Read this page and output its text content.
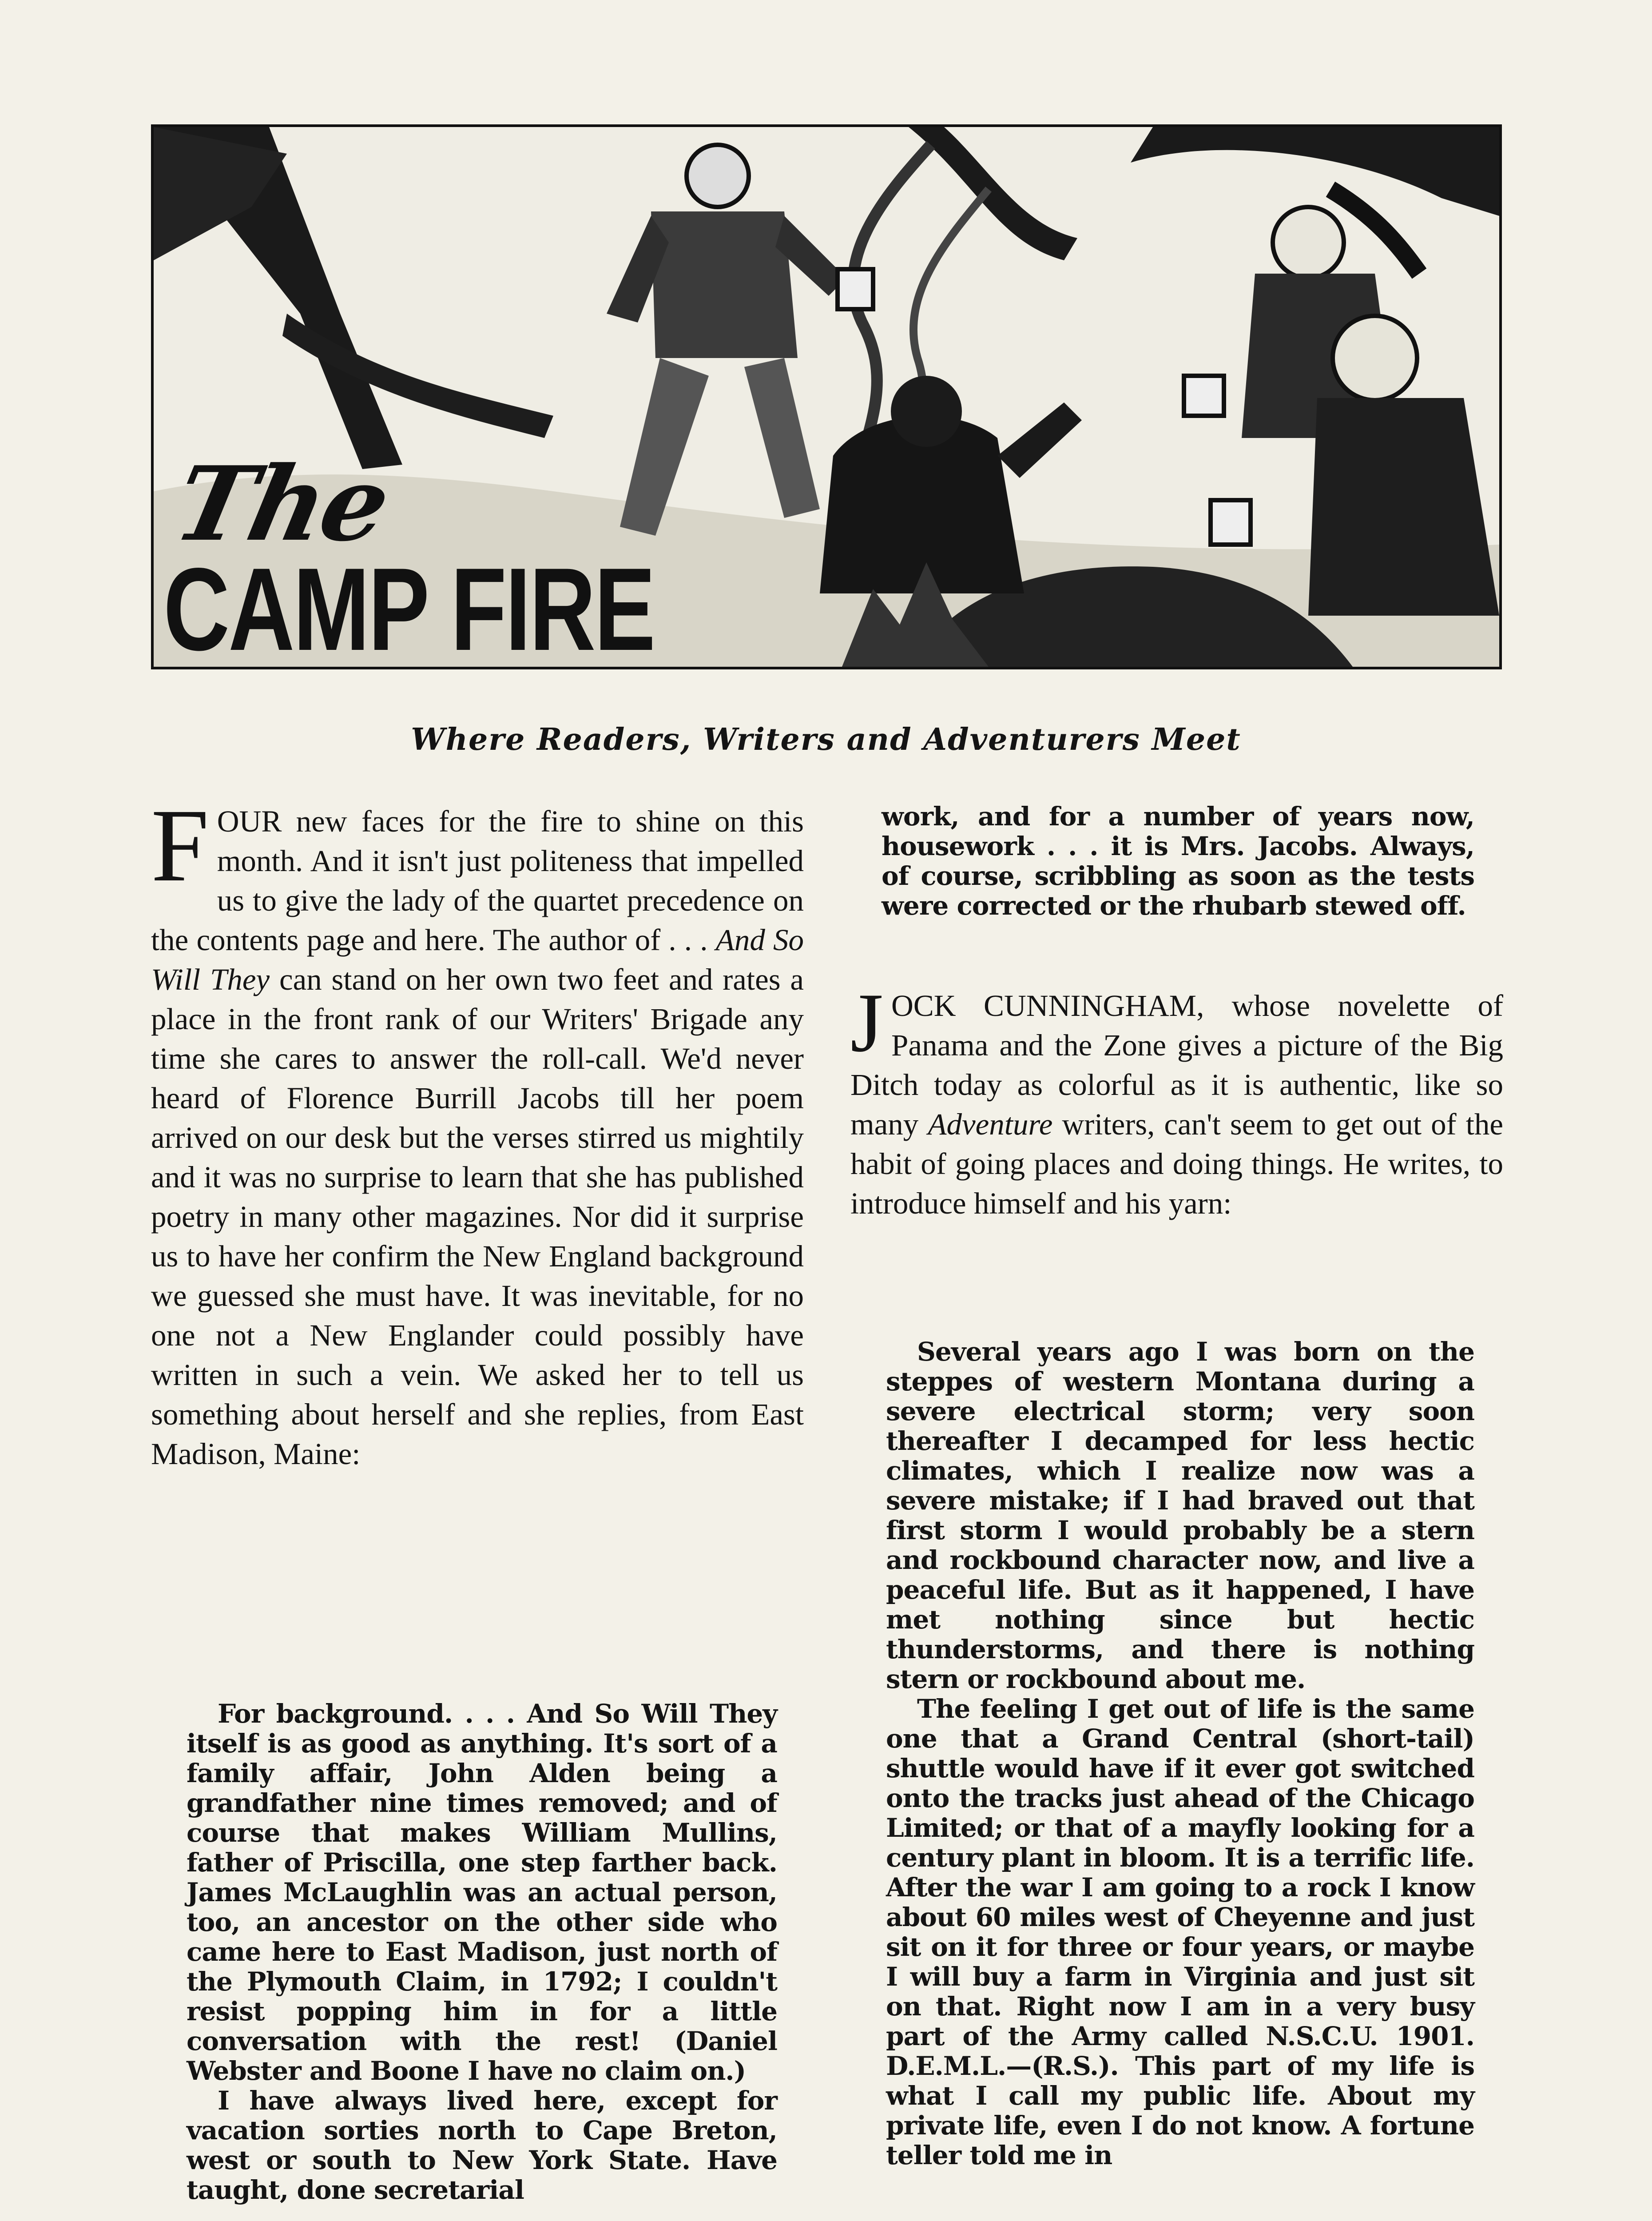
The
CAMP FIRE
Where Readers, Writers and Adventurers Meet

FOUR new faces for the fire to shine on this month. And it isn't just politeness that impelled us to give the lady of the quartet precedence on the contents page and here. The author of . . . And So Will They can stand on her own two feet and rates a place in the front rank of our Writers' Brigade any time she cares to answer the roll-call. We'd never heard of Florence Burrill Jacobs till her poem arrived on our desk but the verses stirred us mightily and it was no surprise to learn that she has published poetry in many other magazines. Nor did it surprise us to have her confirm the New England background we guessed she must have. It was inevitable, for no one not a New Englander could possibly have written in such a vein. We asked her to tell us something about herself and she replies, from East Madison, Maine:

For background. . . . And So Will They itself is as good as anything. It's sort of a family affair, John Alden being a grandfather nine times removed; and of course that makes William Mullins, father of Priscilla, one step farther back. James McLaughlin was an actual person, too, an ancestor on the other side who came here to East Madison, just north of the Plymouth Claim, in 1792; I couldn't resist popping him in for a little conversation with the rest! (Daniel Webster and Boone I have no claim on.)

I have always lived here, except for vacation sorties north to Cape Breton, west or south to New York State. Have taught, done secretarial

work, and for a number of years now, housework . . . it is Mrs. Jacobs. Always, of course, scribbling as soon as the tests were corrected or the rhubarb stewed off.

JOCK CUNNINGHAM, whose novelette of Panama and the Zone gives a picture of the Big Ditch today as colorful as it is authentic, like so many Adventure writers, can't seem to get out of the habit of going places and doing things. He writes, to introduce himself and his yarn:

Several years ago I was born on the steppes of western Montana during a severe electrical storm; very soon thereafter I decamped for less hectic climates, which I realize now was a severe mistake; if I had braved out that first storm I would probably be a stern and rockbound character now, and live a peaceful life. But as it happened, I have met nothing since but hectic thunderstorms, and there is nothing stern or rockbound about me.

The feeling I get out of life is the same one that a Grand Central (short-tail) shuttle would have if it ever got switched onto the tracks just ahead of the Chicago Limited; or that of a mayfly looking for a century plant in bloom. It is a terrific life. After the war I am going to a rock I know about 60 miles west of Cheyenne and just sit on it for three or four years, or maybe I will buy a farm in Virginia and just sit on that. Right now I am in a very busy part of the Army called N.S.C.U. 1901. D.E.M.L.—(R.S.). This part of my life is what I call my public life. About my private life, even I do not know. A fortune teller told me in
